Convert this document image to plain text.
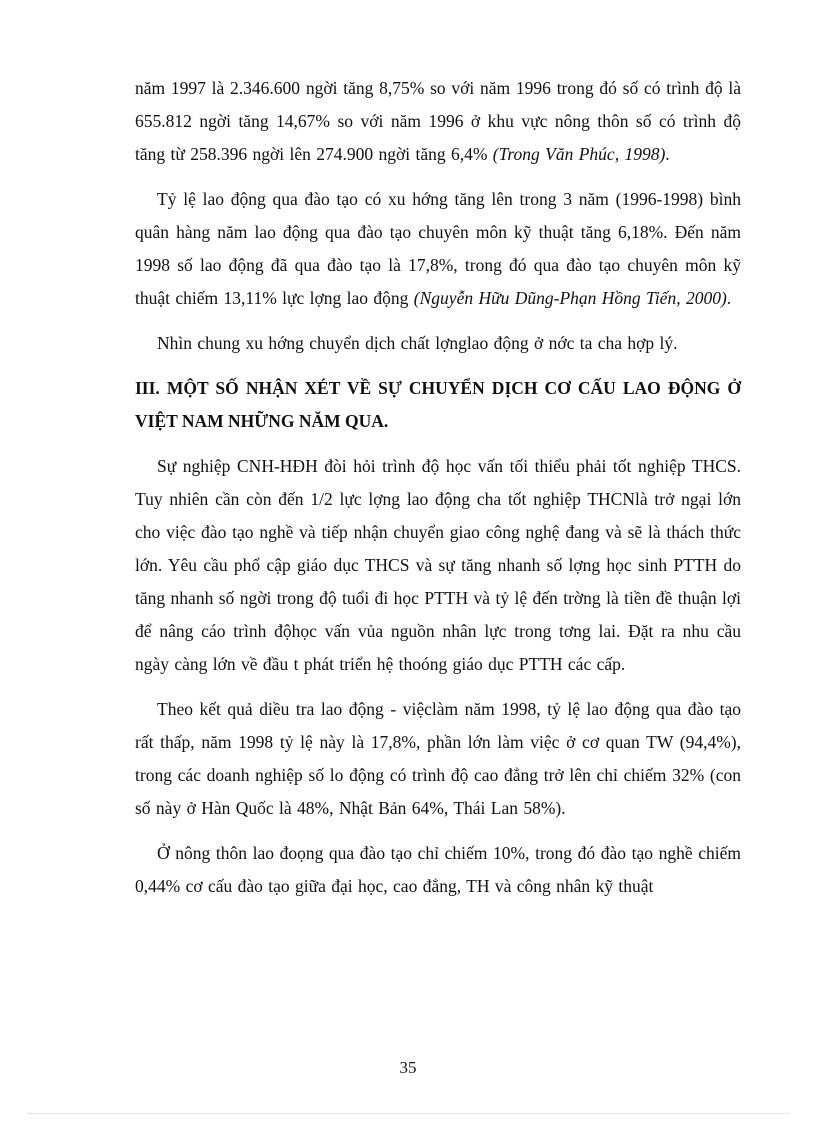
năm 1997 là 2.346.600 ngời tăng 8,75% so với năm 1996 trong đó số có trình độ là 655.812 ngời tăng 14,67% so với năm 1996 ở khu vực nông thôn số có trình độ tăng từ 258.396 ngời lên 274.900 ngời tăng 6,4% (Trong Văn Phúc, 1998).

Tỷ lệ lao động qua đào tạo có xu hớng tăng lên trong 3 năm (1996-1998) bình quân hàng năm lao động qua đào tạo chuyên môn kỹ thuật tăng 6,18%. Đến năm 1998 số lao động đã qua đào tạo là 17,8%, trong đó qua đào tạo chuyên môn kỹ thuật chiếm 13,11% lực lợng lao động (Nguyễn Hữu Dũng-Phạn Hồng Tiến, 2000).

Nhìn chung xu hớng chuyển dịch chất lợnglao động ở nớc ta cha hợp lý.

III. MỘT SỐ NHẬN XÉT VỀ SỰ CHUYỂN DỊCH CƠ CẤU LAO ĐỘNG Ở VIỆT NAM NHỮNG NĂM QUA.

Sự nghiệp CNH-HĐH đòi hỏi trình độ học vấn tối thiểu phải tốt nghiệp THCS. Tuy nhiên cần còn đến 1/2 lực lợng lao động cha tốt nghiệp THCNlà trở ngại lớn cho việc đào tạo nghề và tiếp nhận chuyển giao công nghệ đang và sẽ là thách thức lớn. Yêu cầu phổ cập giáo dục THCS và sự tăng nhanh số lợng học sinh PTTH do tăng nhanh số ngời trong độ tuổi đi học PTTH và tỷ lệ đến trờng là tiền đề thuận lợi để nâng cáo trình độhọc vấn vủa nguồn nhân lực trong tơng lai. Đặt ra nhu cầu ngày càng lớn về đầu t phát triển hệ thoóng giáo dục PTTH các cấp.

Theo kết quả diều tra lao động - việclàm năm 1998, tỷ lệ lao động qua đào tạo rất thấp, năm 1998 tỷ lệ này là 17,8%, phần lớn làm việc ở cơ quan TW (94,4%), trong các doanh nghiệp số lo động có trình độ cao đẳng trở lên chỉ chiếm 32% (con số này ở Hàn Quốc là 48%, Nhật Bản 64%, Thái Lan 58%).

Ở nông thôn lao đoọng qua đào tạo chỉ chiếm 10%, trong đó đào tạo nghề chiếm 0,44% cơ cấu đào tạo giữa đại học, cao đẳng, TH và công nhân kỹ thuật

35
